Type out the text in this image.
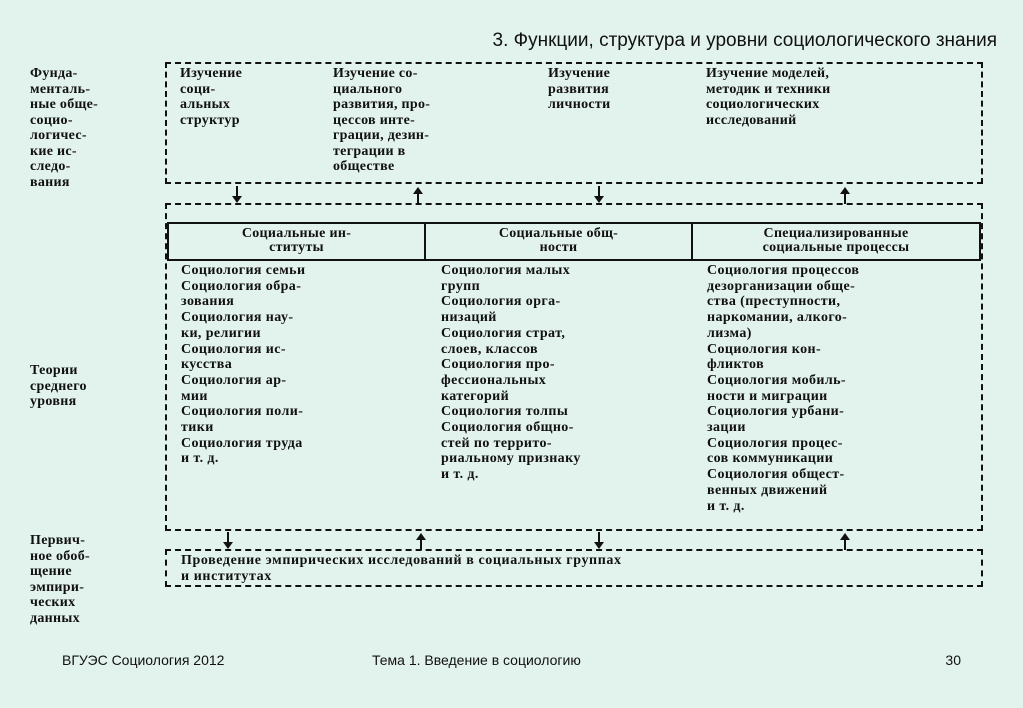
3. Функции, структура и уровни социологического знания
Фунда-
менталь-
ные обще-
социо-
логичес-
кие ис-
следо-
вания
Теории
среднего
уровня
Первич-
ное обоб-
щение
эмпири-
ческих
данных
Изучение
соци-
альных
структур
Изучение со-
циального
развития, про-
цессов инте-
грации, дезин-
теграции в
обществе
Изучение
развития
личности
Изучение моделей,
методик и техники
социологических
исследований
Социальные ин-
ституты
Социальные общ-
ности
Специализированные
социальные процессы
Социология семьи
Социология обра-
зования
Социология нау-
ки, религии
Социология ис-
кусства
Социология ар-
мии
Социология поли-
тики
Социология труда
и т. д.
Социология малых
групп
Социология орга-
низаций
Социология страт,
слоев, классов
Социология про-
фессиональных
категорий
Социология толпы
Социология общно-
стей по террито-
риальному признаку
и т. д.
Социология процессов
дезорганизации обще-
ства (преступности,
наркомании, алкого-
лизма)
Социология кон-
фликтов
Социология мобиль-
ности и миграции
Социология урбани-
зации
Социология процес-
сов коммуникации
Социология общест-
венных движений
и т. д.
Проведение эмпирических исследований в социальных группах
и институтах
ВГУЭС Социология 2012	Тема 1. Введение в социологию	30
